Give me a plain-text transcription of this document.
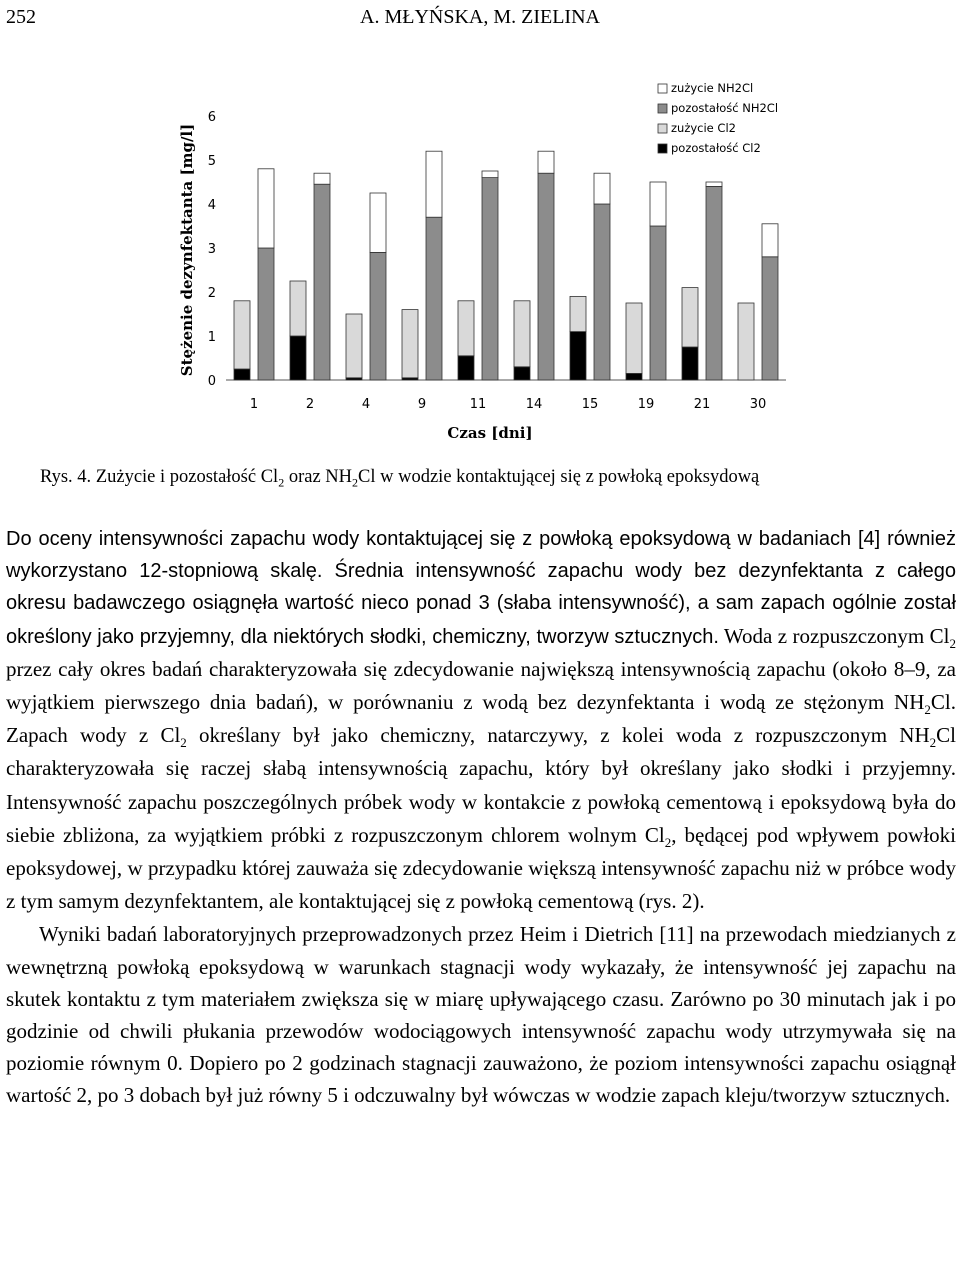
252	A. MŁYŃSKA, M. ZIELINA
0
1
2
3
4
5
6
1	2	4	9	11	14	15	19	21	30
Czas [dni]
Stężenie dezynfektanta [mg/l]
zużycie NH2Cl
pozostałość NH2Cl
zużycie Cl2
pozostałość Cl2
Rys. 4. Zużycie i pozostałość $Cl_2$ oraz $NH_2Cl$ w wodzie kontaktującej się z powłoką epoksydową

Do oceny intensywności zapachu wody kontaktującej się z powłoką epoksydową w badaniach [4] również wykorzystano 12-stopniową skalę. Średnia intensywność zapachu wody bez dezynfektanta z całego okresu badawczego osiągnęła wartość nieco ponad 3 (słaba intensywność), a sam zapach ogólnie został określony jako przyjemny, dla niektórych słodki, chemiczny, tworzyw sztucznych. Woda z rozpuszczonym $Cl_2$ przez cały okres badań charakteryzowała się zdecydowanie największą intensywnością zapachu (około 8–9, za wyjątkiem pierwszego dnia badań), w porównaniu z wodą bez dezynfektanta i wodą ze stężonym $NH_2Cl$. Zapach wody z $Cl_2$ określany był jako chemiczny, natarczywy, z kolei woda z rozpuszczonym $NH_2Cl$ charakteryzowała się raczej słabą intensywnością zapachu, który był określany jako słodki i przyjemny. Intensywność zapachu poszczególnych próbek wody w kontakcie z powłoką cementową i epoksydową była do siebie zbliżona, za wyjątkiem próbki z rozpuszczonym chlorem wolnym $Cl_2$, będącej pod wpływem powłoki epoksydowej, w przypadku której zauważa się zdecydowanie większą intensywność zapachu niż w próbce wody z tym samym dezynfektantem, ale kontaktującej się z powłoką cementową (rys. 2).

Wyniki badań laboratoryjnych przeprowadzonych przez Heim i Dietrich [11] na przewodach miedzianych z wewnętrzną powłoką epoksydową w warunkach stagnacji wody wykazały, że intensywność jej zapachu na skutek kontaktu z tym materiałem zwiększa się w miarę upływającego czasu. Zarówno po 30 minutach jak i po godzinie od chwili płukania przewodów wodociągowych intensywność zapachu wody utrzymywała się na poziomie równym 0. Dopiero po 2 godzinach stagnacji zauważono, że poziom intensywności zapachu osiągnął wartość 2, po 3 dobach był już równy 5 i odczuwalny był wówczas w wodzie zapach kleju/tworzyw sztucznych.
